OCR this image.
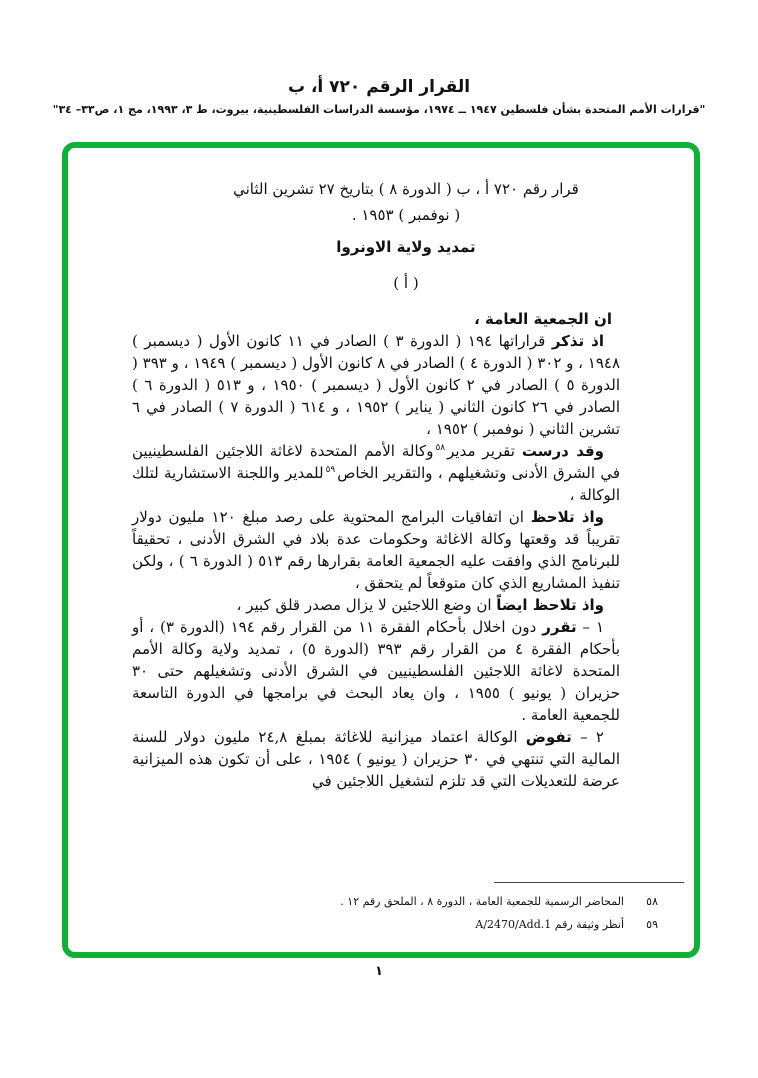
القرار الرقم ٧٢٠ أ، ب
"قرارات الأمم المتحدة بشأن فلسطين ١٩٤٧ ــ ١٩٧٤، مؤسسة الدراسات الفلسطينية، بيروت، ط ٣، ١٩٩٣، مج ١، ص٣٣– ٣٤"
قرار رقم ٧٢٠ أ ، ب ( الدورة ٨ ) بتاريخ ٢٧ تشرين الثاني
( نوفمبر ) ١٩٥٣ .
تمديد ولاية الاونروا
( أ )

ان الجمعية العامة ،

اذ تذكر قراراتها ١٩٤ ( الدورة ٣ ) الصادر في ١١ كانون الأول ( ديسمبر ) ١٩٤٨ ، و ٣٠٢ ( الدورة ٤ ) الصادر في ٨ كانون الأول ( ديسمبر ) ١٩٤٩ ، و ٣٩٣ ( الدورة ٥ ) الصادر في ٢ كانون الأول ( ديسمبر ) ١٩٥٠ ، و ٥١٣ ( الدورة ٦ ) الصادر في ٢٦ كانون الثاني ( يناير ) ١٩٥٢ ، و ٦١٤ ( الدورة ٧ ) الصادر في ٦ تشرين الثاني ( نوفمبر ) ١٩٥٢ ،

وقد درست تقرير مدير$^{٥٨}$وكالة الأمم المتحدة لاغاثة اللاجئين الفلسطينيين في الشرق الأدنى وتشغيلهم ، والتقرير الخاص$^{٥٩}$للمدير واللجنة الاستشارية لتلك الوكالة ،

واذ تلاحظ ان اتفاقيات البرامج المحتوية على رصد مبلغ ١٢٠ مليون دولار تقريباً قد وقعتها وكالة الاغاثة وحكومات عدة بلاد في الشرق الأدنى ، تحقيقاً للبرنامج الذي وافقت عليه الجمعية العامة بقرارها رقم ٥١٣ ( الدورة ٦ ) ، ولكن تنفيذ المشاريع الذي كان متوقعاً لم يتحقق ،

واذ تلاحظ ايضاً ان وضع اللاجئين لا يزال مصدر قلق كبير ،

١ – تقرر دون اخلال بأحكام الفقرة ١١ من القرار رقم ١٩٤ (الدورة ٣) ، أو بأحكام الفقرة ٤ من القرار رقم ٣٩٣ (الدورة ٥) ، تمديد ولاية وكالة الأمم المتحدة لاغاثة اللاجئين الفلسطينيين في الشرق الأدنى وتشغيلهم حتى ٣٠ حزيران ( يونيو ) ١٩٥٥ ، وان يعاد البحث في برامجها في الدورة التاسعة للجمعية العامة .

٢ – تفوض الوكالة اعتماد ميزانية للاغاثة بمبلغ ٢٤,٨ مليون دولار للسنة المالية التي تنتهي في ٣٠ حزيران ( يونيو ) ١٩٥٤ ، على أن تكون هذه الميزانية عرضة للتعديلات التي قد تلزم لتشغيل اللاجئين في

٥٨
المحاضر الرسمية للجمعية العامة ، الدورة ٨ ، الملحق رقم ١٢ .
٥٩
أنظر وثيقة رقم A/2470/Add.1
١
